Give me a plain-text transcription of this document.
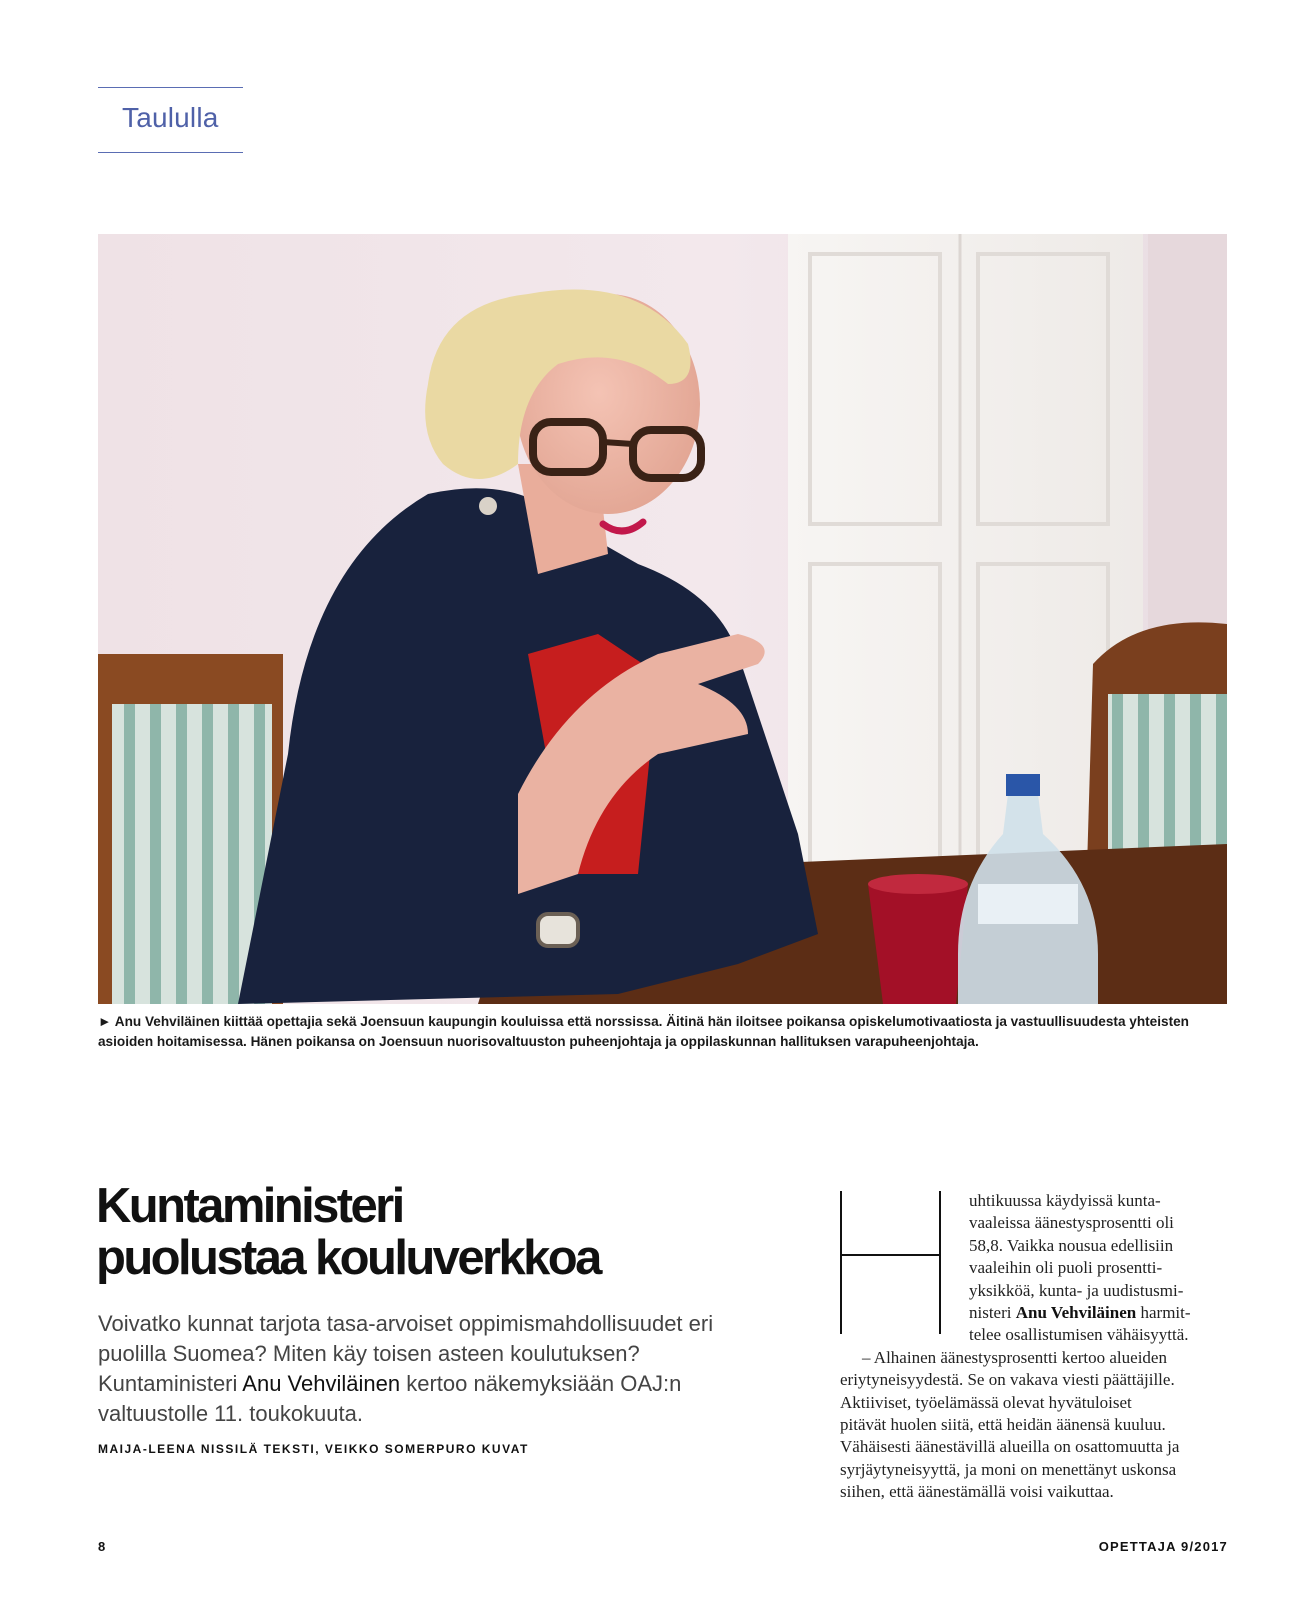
Taululla
► Anu Vehviläinen kiittää opettajia sekä Joensuun kaupungin kouluissa että norssissa. Äitinä hän iloitsee poikansa opiskelumotivaatiosta ja vastuullisuudesta yhteisten asioiden hoitamisessa. Hänen poikansa on Joensuun nuorisovaltuuston puheenjohtaja ja oppilaskunnan hallituksen varapuheenjohtaja.
Kuntaministeri
puolustaa kouluverkkoa

Voivatko kunnat tarjota tasa-arvoiset oppimismahdollisuudet eri puolilla Suomea? Miten käy toisen asteen koulutuksen? Kuntaministeri Anu Vehviläinen kertoo näkemyksiään OAJ:n valtuustolle 11. toukokuuta.

MAIJA-LEENA NISSILÄ TEKSTI, VEIKKO SOMERPURO KUVAT
uhtikuussa käydyissä kunta-
vaaleissa äänestysprosentti oli
58,8. Vaikka nousua edellisiin
vaaleihin oli puoli prosentti-
yksikköä, kunta- ja uudistusmi-
nisteri Anu Vehviläinen harmit-
telee osallistumisen vähäisyyttä.
– Alhainen äänestysprosentti kertoo alueiden
eriytyneisyydestä. Se on vakava viesti päättäjille.
Aktiiviset, työelämässä olevat hyvätuloiset
pitävät huolen siitä, että heidän äänensä kuuluu.
Vähäisesti äänestävillä alueilla on osattomuutta ja
syrjäytyneisyyttä, ja moni on menettänyt uskonsa
siihen, että äänestämällä voisi vaikuttaa.
8	OPETTAJA 9/2017
